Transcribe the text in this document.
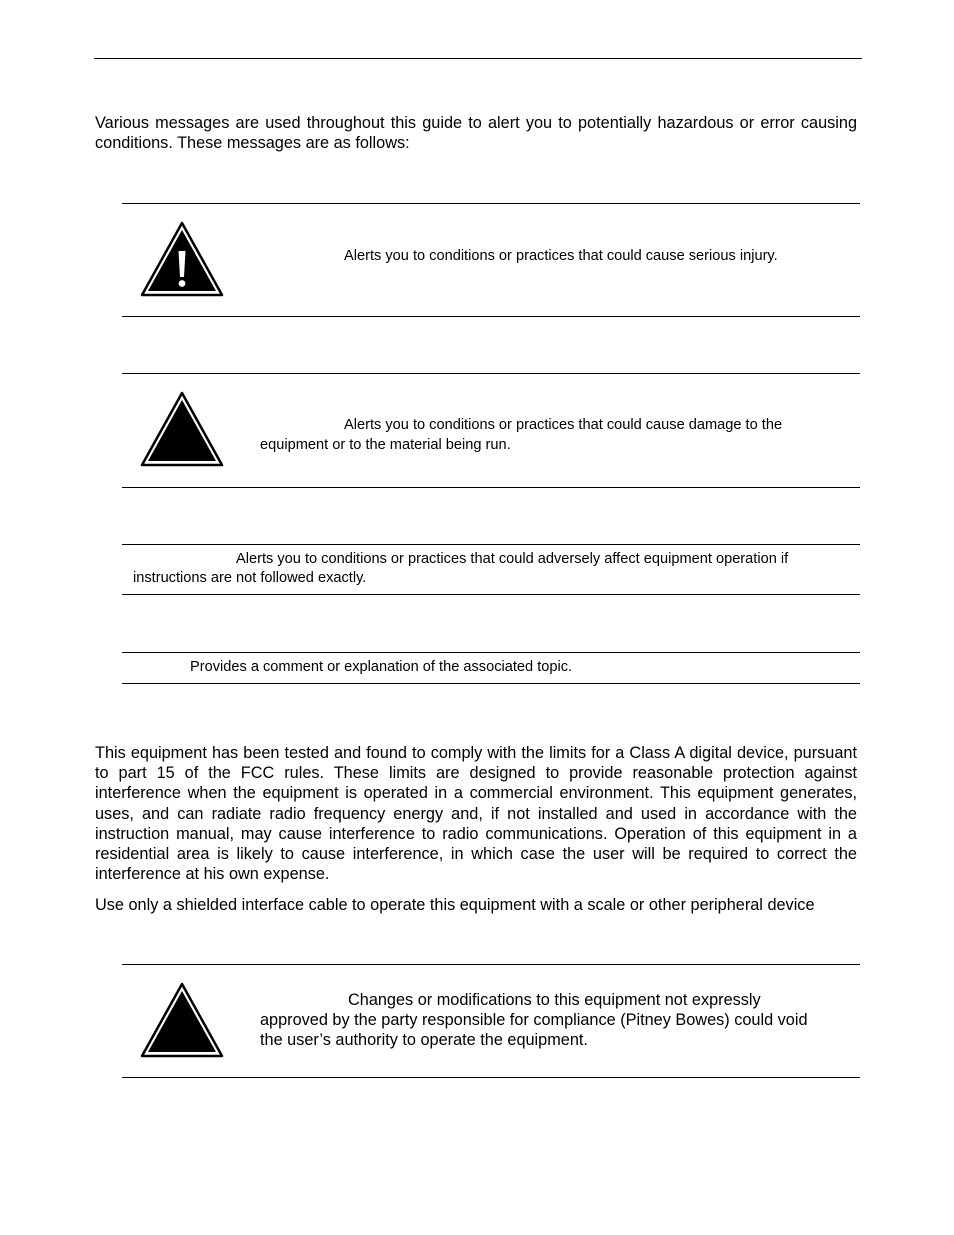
Various messages are used throughout this guide to alert you to potentially hazardous or error causing conditions. These messages are as follows:

Alerts you to conditions or practices that could cause serious injury.

Alerts you to conditions or practices that could cause damage to the

equipment or to the material being run.

Alerts you to conditions or practices that could adversely affect equipment operation if

instructions are not followed exactly.

Provides a comment or explanation of the associated topic.

This equipment has been tested and found to comply with the limits for a Class A digital device, pursuant to part 15 of the FCC rules. These limits are designed to provide reasonable protection against interference when the equipment is operated in a commercial environment. This equipment generates, uses, and can radiate radio frequency energy and, if not installed and used in accordance with the instruction manual, may cause interference to radio communications. Operation of this equipment in a residential area is likely to cause interference, in which case the user will be required to correct the interference at his own expense.

Use only a shielded interface cable to operate this equipment with a scale or other peripheral device

Changes or modifications to this equipment not expressly

approved by the party responsible for compliance (Pitney Bowes) could void

the user’s authority to operate the equipment.
